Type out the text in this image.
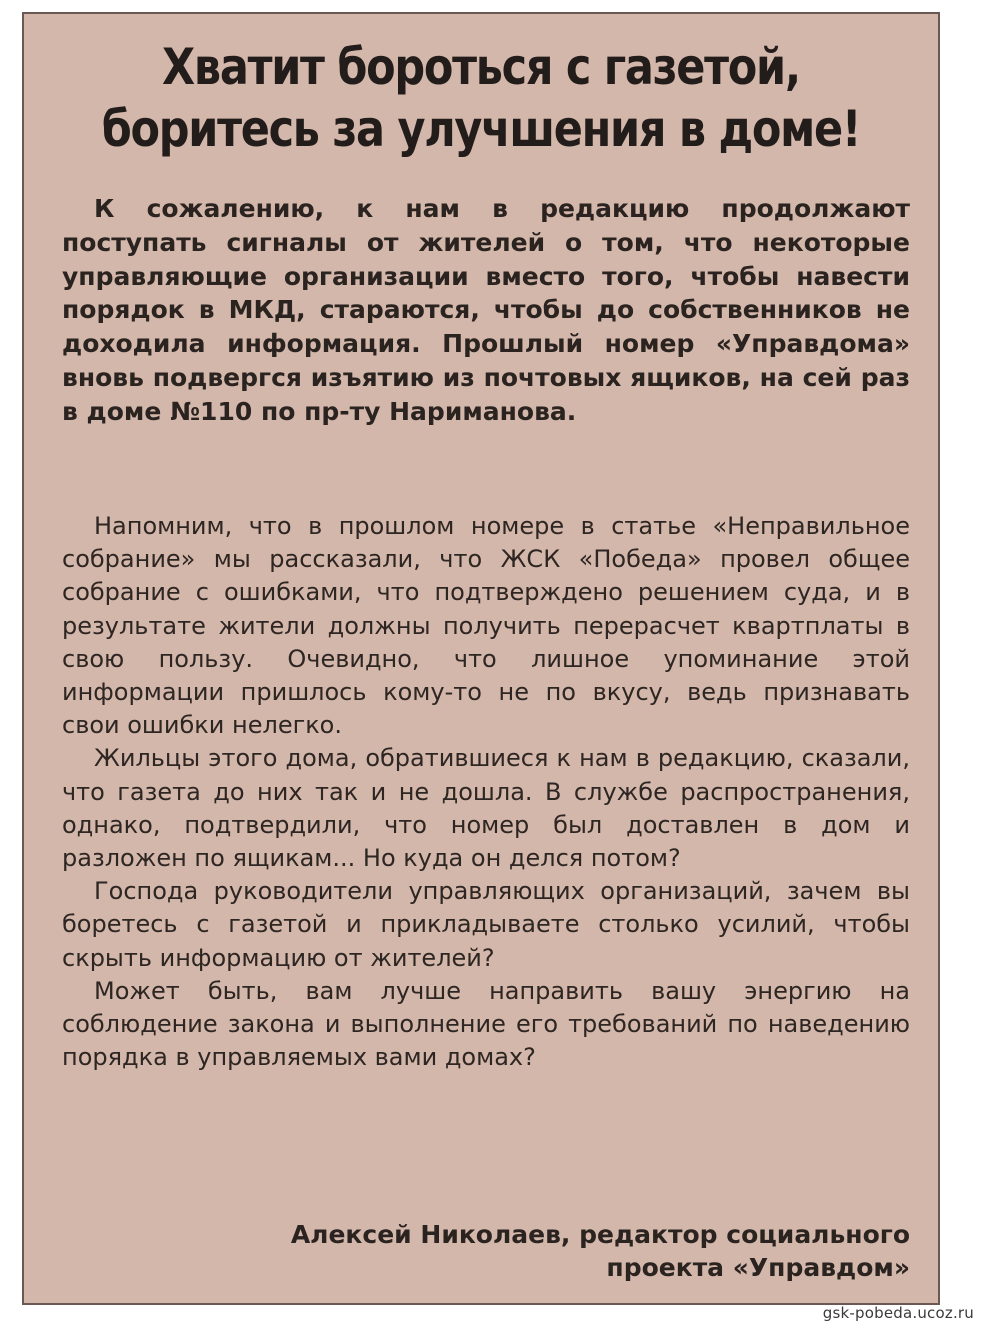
Хватит бороться с газетой,
боритесь за улучшения в доме!

К сожалению, к нам в редакцию продолжают поступать сигналы от жителей о том, что некоторые управляющие организации вместо того, чтобы навести порядок в МКД, стараются, чтобы до собственников не доходила информация. Прошлый номер «Управдома» вновь подвергся изъятию из почтовых ящиков, на сей раз в доме №110 по пр-ту Нариманова.

Напомним, что в прошлом номере в статье «Неправильное собрание» мы рассказали, что ЖСК «Победа» провел общее собрание с ошибками, что подтверждено решением суда, и в результате жители должны получить перерасчет квартплаты в свою пользу. Очевидно, что лишное упоминание этой информации пришлось кому-то не по вкусу, ведь признавать свои ошибки нелегко.

Жильцы этого дома, обратившиеся к нам в редакцию, сказали, что газета до них так и не дошла. В службе распространения, однако, подтвердили, что номер был доставлен в дом и разложен по ящикам... Но куда он делся потом?

Господа руководители управляющих организаций, зачем вы боретесь с газетой и прикладываете столько усилий, чтобы скрыть информацию от жителей?

Может быть, вам лучше направить вашу энергию на соблюдение закона и выполнение его требований по наведению порядка в управляемых вами домах?

Алексей Николаев, редактор социального
проекта «Управдом»
gsk-pobeda.ucoz.ru
